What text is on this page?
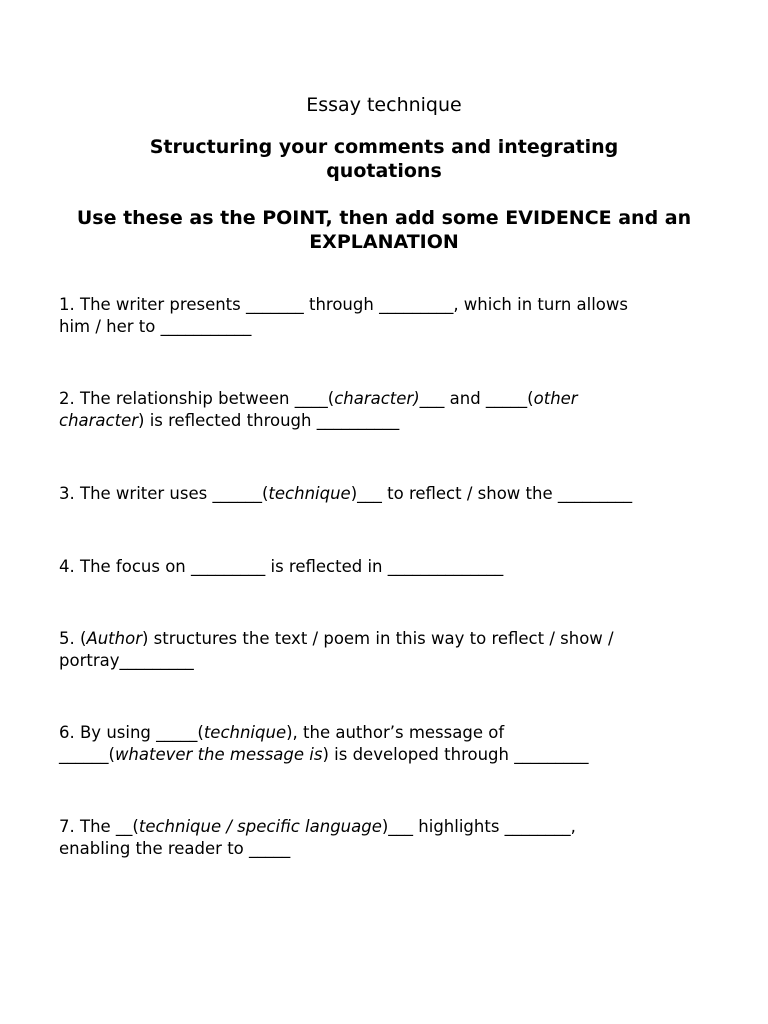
Essay technique
Structuring your comments and integrating quotations
Use these as the POINT, then add some EVIDENCE and an EXPLANATION
1. The writer presents _______ through _________, which in turn allows
him / her to ___________
2. The relationship between ____(character)___ and _____(other
character) is reflected through __________
3. The writer uses ______(technique)___ to reflect / show the _________
4. The focus on _________ is reflected in ______________
5. (Author) structures the text / poem in this way to reflect / show /
portray_________
6. By using _____(technique), the author’s message of
______(whatever the message is) is developed through _________
7. The __(technique / specific language)___ highlights ________,
enabling the reader to _____
